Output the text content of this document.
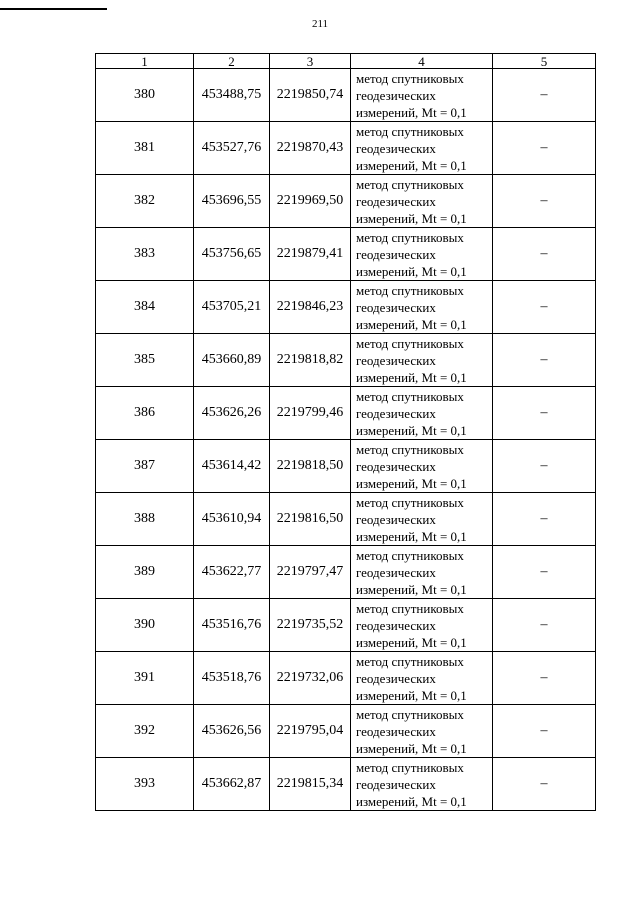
211
1	2	3	4	5
380	453488,75	2219850,74	метод спутниковых
геодезических
измерений, Mt = 0,1	–
381	453527,76	2219870,43	метод спутниковых
геодезических
измерений, Mt = 0,1	–
382	453696,55	2219969,50	метод спутниковых
геодезических
измерений, Mt = 0,1	–
383	453756,65	2219879,41	метод спутниковых
геодезических
измерений, Mt = 0,1	–
384	453705,21	2219846,23	метод спутниковых
геодезических
измерений, Mt = 0,1	–
385	453660,89	2219818,82	метод спутниковых
геодезических
измерений, Mt = 0,1	–
386	453626,26	2219799,46	метод спутниковых
геодезических
измерений, Mt = 0,1	–
387	453614,42	2219818,50	метод спутниковых
геодезических
измерений, Mt = 0,1	–
388	453610,94	2219816,50	метод спутниковых
геодезических
измерений, Mt = 0,1	–
389	453622,77	2219797,47	метод спутниковых
геодезических
измерений, Mt = 0,1	–
390	453516,76	2219735,52	метод спутниковых
геодезических
измерений, Mt = 0,1	–
391	453518,76	2219732,06	метод спутниковых
геодезических
измерений, Mt = 0,1	–
392	453626,56	2219795,04	метод спутниковых
геодезических
измерений, Mt = 0,1	–
393	453662,87	2219815,34	метод спутниковых
геодезических
измерений, Mt = 0,1	–
